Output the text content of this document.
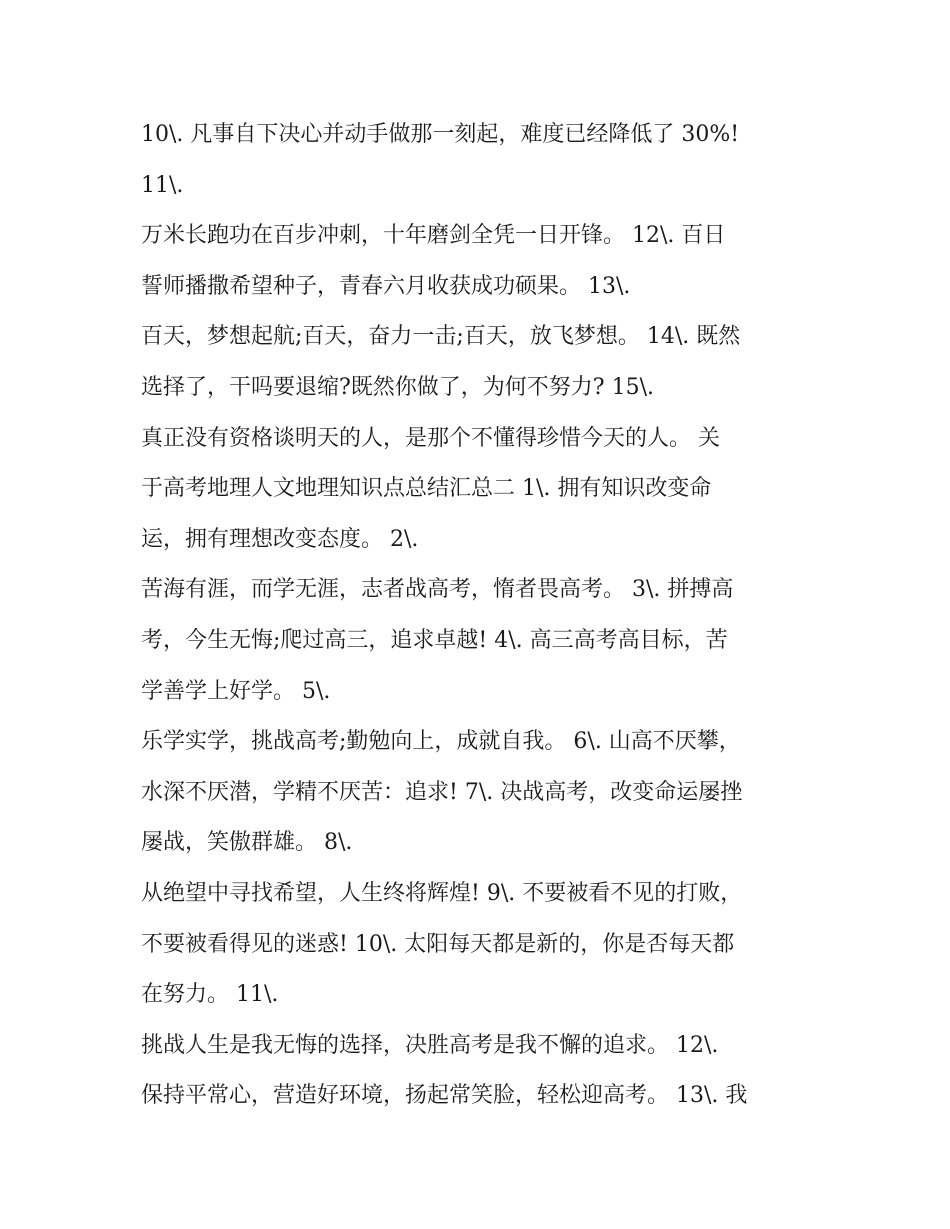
10\. 凡事自下决心并动手做那一刻起，难度已经降低了 30%!
11\.
万米长跑功在百步冲刺，十年磨剑全凭一日开锋。 12\. 百日
誓师播撒希望种子，青春六月收获成功硕果。 13\.
百天，梦想起航;百天，奋力一击;百天，放飞梦想。 14\. 既然
选择了，干吗要退缩?既然你做了，为何不努力? 15\.
真正没有资格谈明天的人，是那个不懂得珍惜今天的人。 关
于高考地理人文地理知识点总结汇总二 1\. 拥有知识改变命
运，拥有理想改变态度。 2\.
苦海有涯，而学无涯，志者战高考，惰者畏高考。 3\. 拼搏高
考，今生无悔;爬过高三，追求卓越! 4\. 高三高考高目标，苦
学善学上好学。 5\.
乐学实学，挑战高考;勤勉向上，成就自我。 6\. 山高不厌攀，
水深不厌潜，学精不厌苦：追求! 7\. 决战高考，改变命运屡挫
屡战，笑傲群雄。 8\.
从绝望中寻找希望，人生终将辉煌! 9\. 不要被看不见的打败，
不要被看得见的迷惑! 10\. 太阳每天都是新的，你是否每天都
在努力。 11\.
挑战人生是我无悔的选择，决胜高考是我不懈的追求。 12\.
保持平常心，营造好环境，扬起常笑脸，轻松迎高考。 13\. 我
